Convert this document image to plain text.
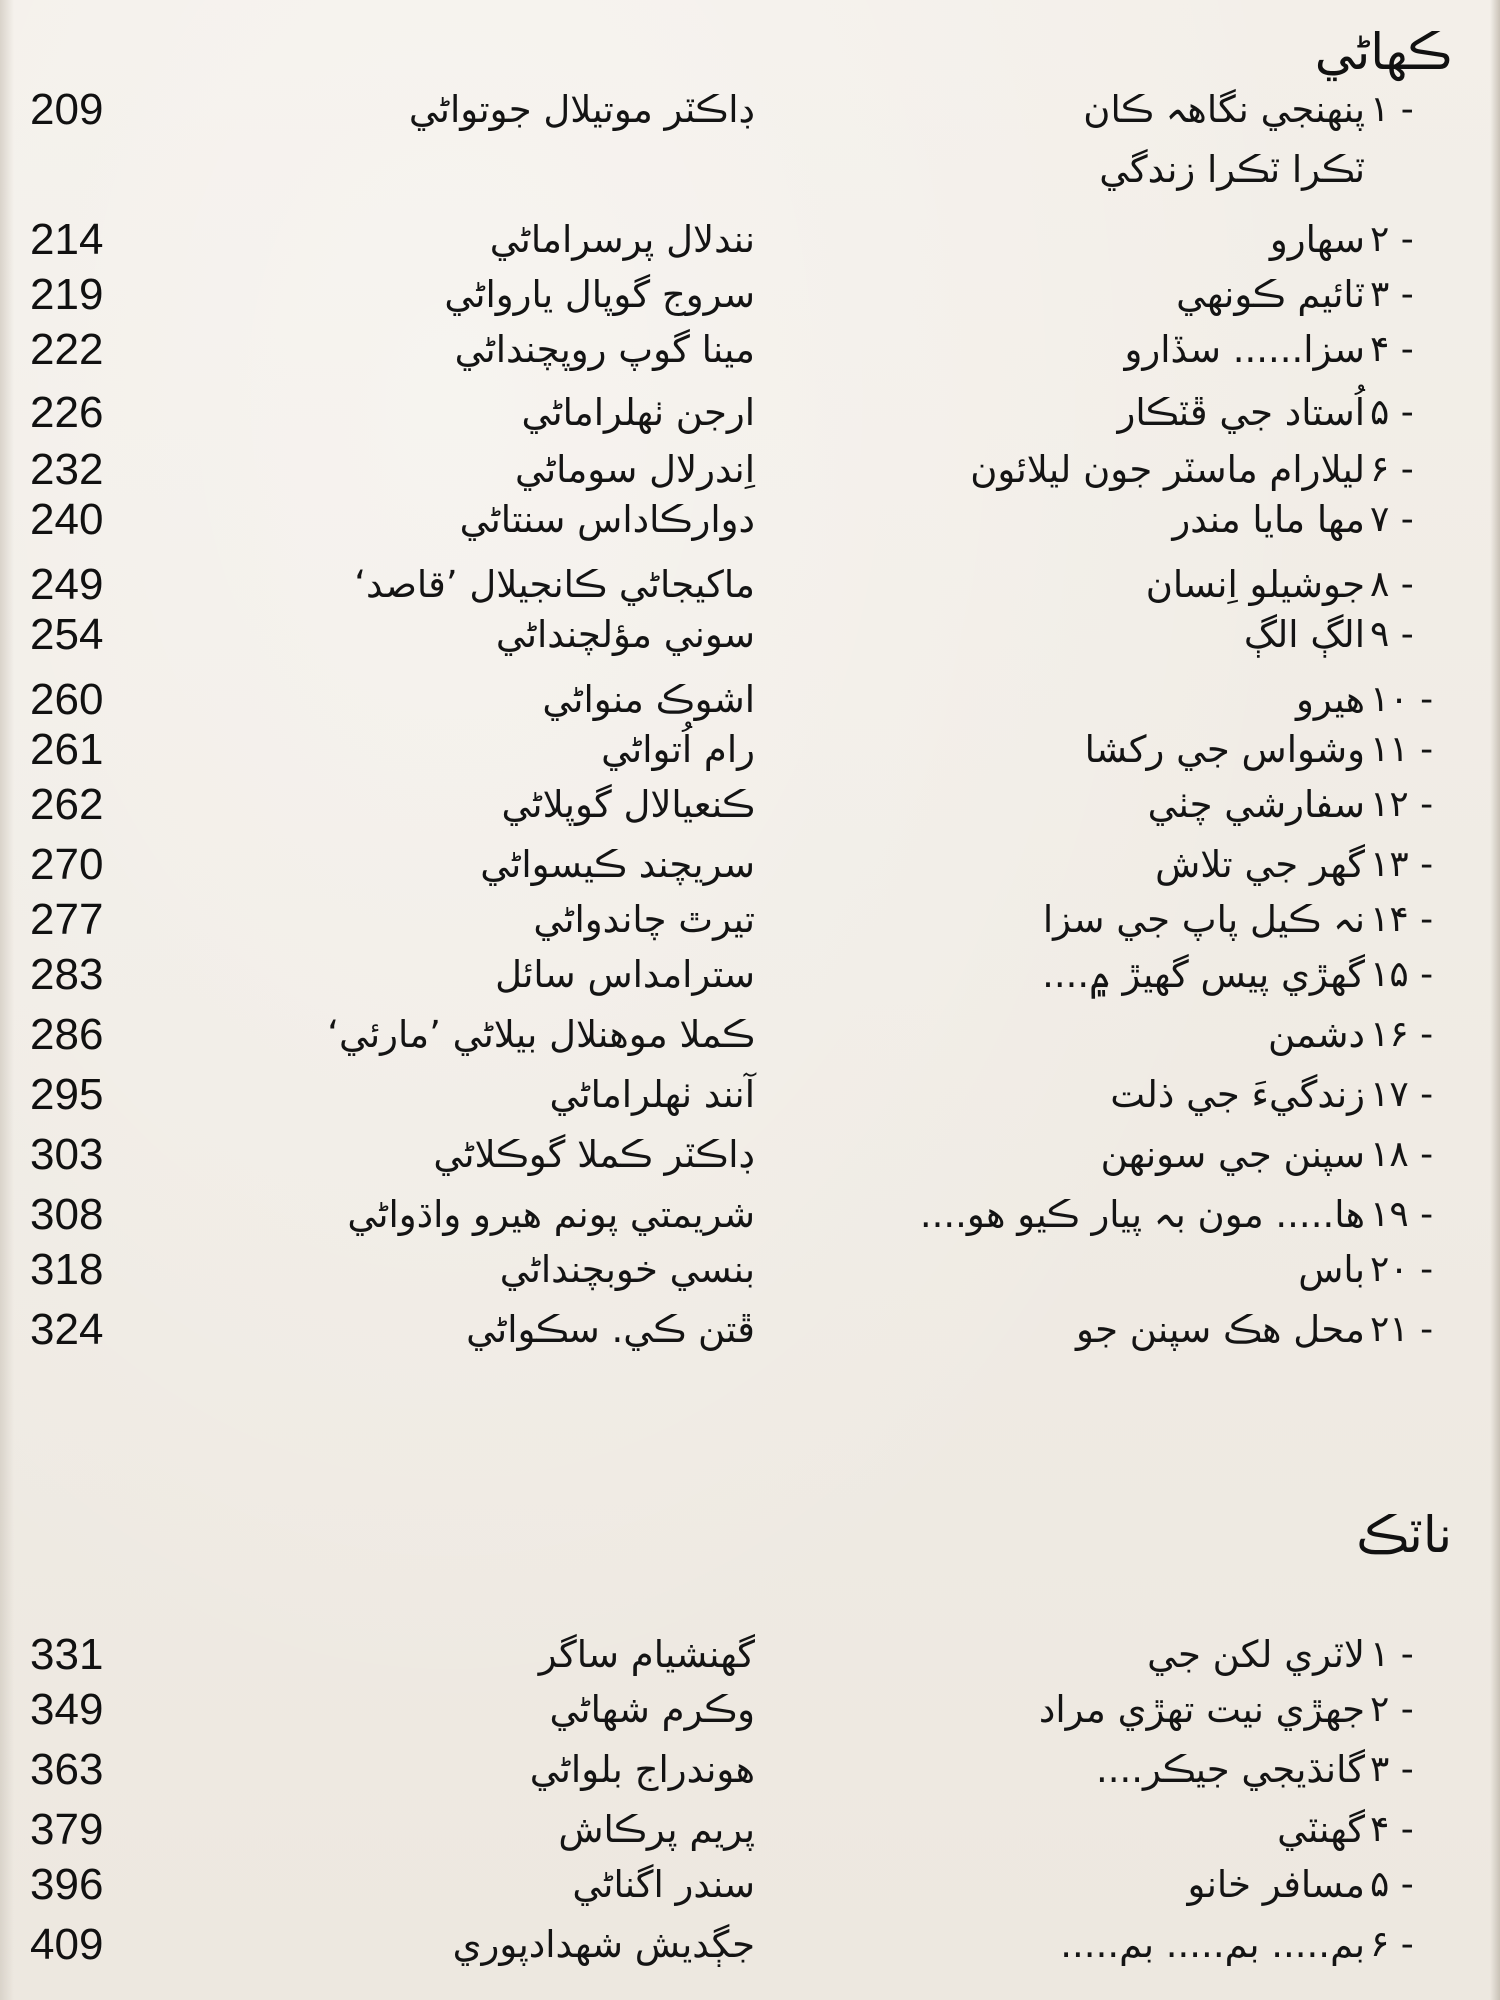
ڪهاڻي
ناٽڪ
۱ -
پنهنجي نگاهہ ڪان
ٽڪرا ٽڪرا زندگي
ڊاڪٽر موتيلال جوتواڻي
209
۲ -
سهارو
نندلال پرسراماڻي
214
۳ -
ٽائيم ڪونهي
سروج گوپال يارواڻي
219
۴ -
سزا...... سڏارو
مينا گوپ روپچنداڻي
222
۵ -
اُستاد جي ڦٽڪار
ارجن ٺهلراماڻي
226
۶ -
ليلارام ماسٽر جون ليلائون
اِندرلال سوماڻي
232
۷ -
مها مايا مندر
دوارڪاداس سنتاڻي
240
۸ -
جوشيلو اِنسان
ماکيجاڻي ڪانجيلال ’قاصد‘
249
۹ -
الڳ الڳ
سوني مؤلچنداڻي
254
۱۰ -
هيرو
اشوڪ منواڻي
260
۱۱ -
وشواس جي رکشا
رام اُتواڻي
261
۱۲ -
سفارشي چٺي
ڪنعيالال گوپلاڻي
262
۱۳ -
گهر جي تلاش
سريچند ڪيسواڻي
270
۱۴ -
نہ ڪيل پاپ جي سزا
تيرٿ چاندواڻي
277
۱۵ -
گهڙي پيس گهيڙ ۾....
سترامداس سائل
283
۱۶ -
دشمن
ڪملا موهنلال بيلاڻي ’مارئي‘
286
۱۷ -
زندگيءَ جي ذلت
آنند ٺهلراماڻي
295
۱۸ -
سپنن جي سونهن
ڊاڪٽر ڪملا گوڪلاڻي
303
۱۹ -
ها..... مون بہ پيار ڪيو هو....
شريمتي پونم هيرو واڌواڻي
308
۲۰ -
باس
بنسي خوبچنداڻي
318
۲۱ -
محل هڪ سپنن جو
ڦتن ڪي. سڪواڻي
324
۱ -
لاٽري لکن جي
گهنشيام ساگر
331
۲ -
جهڙي نيت تهڙي مراد
وڪرم شهاڻي
349
۳ -
گانڌيجي جيڪر....
هوندراج بلواڻي
363
۴ -
گهنٽي
پريم پرڪاش
379
۵ -
مسافر خانو
سندر اگناڻي
396
۶ -
بم..... بم..... بم.....
جڳديش شهدادپوري
409
